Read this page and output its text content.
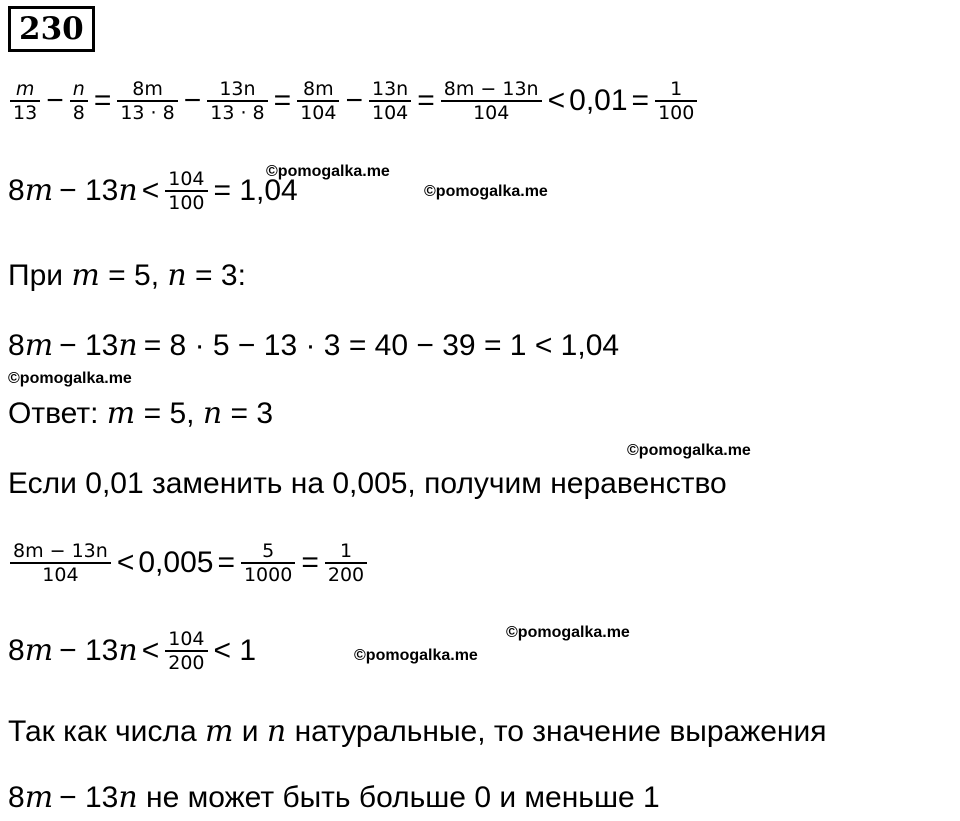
230
$\frac{m}{13} - \frac{n}{8} = \frac{8m}{13 \cdot 8} - \frac{13n}{13 \cdot 8} = \frac{8m}{104} - \frac{13n}{104} = \frac{8m - 13n}{104} < 0,01 = \frac{1}{100}$
8 m − 13 $n < \frac{104}{100} = 1,04$
©pomogalka.me
©pomogalka.me
При
m
= 5,
n
= 3:
8 m − 13 n = 8 · 5 − 13 · 3 = 40 − 39 = 1 < 1,04
©pomogalka.me
Ответ:
m
= 5,
n
= 3
©pomogalka.me
Если 0,01 заменить на 0,005, получим неравенство
$\frac{8m - 13n}{104} < 0,005 = \frac{5}{1000} = \frac{1}{200}$
8 m − 13 $n < \frac{104}{200} < 1$
©pomogalka.me
©pomogalka.me
Так как числа
m
и
n
натуральные, то значение выражения
8 m − 13 n
не может быть больше 0 и меньше 1
